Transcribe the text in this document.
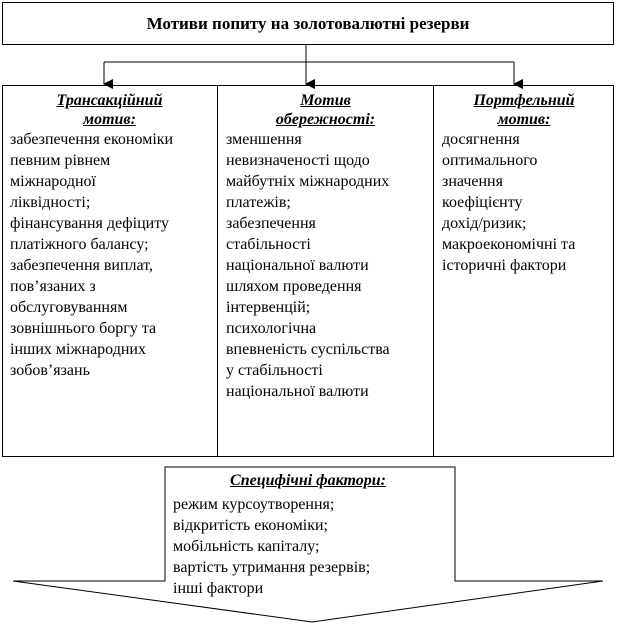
Мотиви попиту на золотовалютні резерви
Трансакційний
мотив:
забезпечення економіки
певним рівнем
міжнародної
ліквідності;
фінансування дефіциту
платіжного балансу;
забезпечення виплат,
пов’язаних з
обслуговуванням
зовнішнього боргу та
інших міжнародних
зобов’язань
Мотив
обережності:
зменшення
невизначеності щодо
майбутніх міжнародних
платежів;
забезпечення
стабільності
національної валюти
шляхом проведення
інтервенцій;
психологічна
впевненість суспільства
у стабільності
національної валюти
Портфельний
мотив:
досягнення
оптимального
значення
коефіцієнту
дохід/ризик;
макроекономічні та
історичні фактори
Специфічні фактори:
режим курсоутворення;
відкритість економіки;
мобільність капіталу;
вартість утримання резервів;
інші фактори
